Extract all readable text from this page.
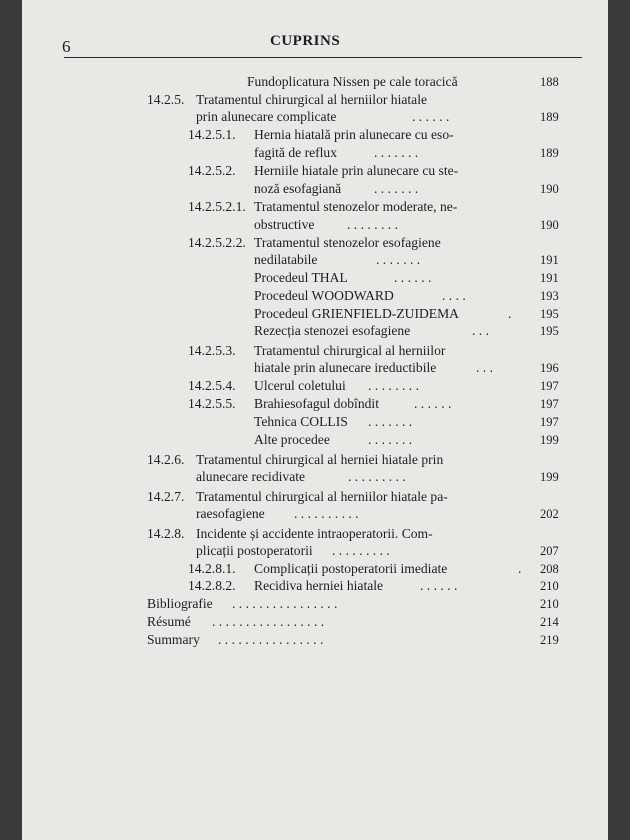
6	CUPRINS
Fundoplicatura Nissen pe cale toracică	188
14.2.5. Tratamentul chirurgical al herniilor hiatale
prin alunecare complicate	. . . . . .	189
14.2.5.1. Hernia hiatală prin alunecare cu eso-
fagită de reflux	. . . . . . .	189
14.2.5.2. Herniile hiatale prin alunecare cu ste-
noză esofagiană . . . . . . .	190
14.2.5.2.1. Tratamentul stenozelor moderate, ne-
obstructive . . . . . . . .	190
14.2.5.2.2. Tratamentul stenozelor esofagiene
nedilatabile	. . . . . . .	191
Procedeul THAL	. . . . . .	191
Procedeul WOODWARD	. . . .	193
Procedeul GRIENFIELD-ZUIDEMA	. 195
Rezecția stenozei esofagiene	. . .	195
14.2.5.3. Tratamentul chirurgical al herniilor
hiatale prin alunecare ireductibile	. . .	196
14.2.5.4. Ulcerul coletului . . . . . . . .	197
14.2.5.5. Brahiesofagul dobîndit	. . . . . .	197
Tehnica COLLIS . . . . . . .	197
Alte procedee	. . . . . . .	199
14.2.6. Tratamentul chirurgical al herniei hiatale prin
alunecare recidivate	. . . . . . . . .	199
14.2.7. Tratamentul chirurgical al herniilor hiatale pa-
raesofagiene . . . . . . . . . .	202
14.2.8. Incidente și accidente intraoperatorii. Com-
plicații postoperatorii . . . . . . . . .	207
14.2.8.1. Complicații postoperatorii imediate	. 208
14.2.8.2. Recidiva herniei hiatale	. . . . . .	210
Bibliografie . . . . . . . . . . . . . . . .	210
Résumé . . . . . . . . . . . . . . . . .	214
Summary . . . . . . . . . . . . . . . .	219
